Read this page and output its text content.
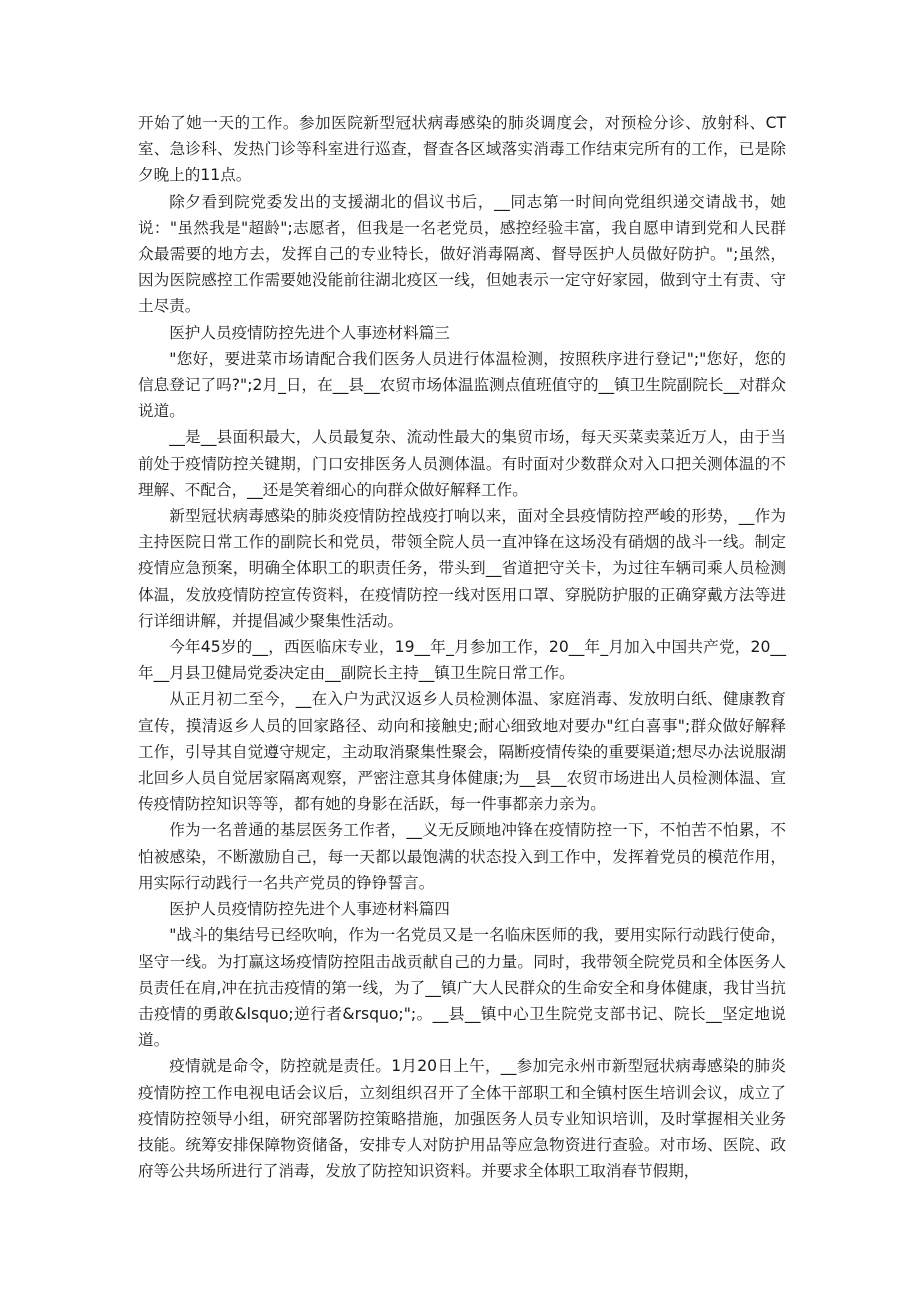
开始了她一天的工作。参加医院新型冠状病毒感染的肺炎调度会，对预检分诊、放射科、CT室、急诊科、发热门诊等科室进行巡查，督查各区域落实消毒工作结束完所有的工作，已是除夕晚上的11点。

除夕看到院党委发出的支援湖北的倡议书后，__同志第一时间向党组织递交请战书，她说："虽然我是"超龄";志愿者，但我是一名老党员，感控经验丰富，我自愿申请到党和人民群众最需要的地方去，发挥自己的专业特长，做好消毒隔离、督导医护人员做好防护。";虽然，因为医院感控工作需要她没能前往湖北疫区一线，但她表示一定守好家园，做到守土有责、守土尽责。

医护人员疫情防控先进个人事迹材料篇三

"您好，要进菜市场请配合我们医务人员进行体温检测，按照秩序进行登记";"您好，您的信息登记了吗?";2月_日，在__县__农贸市场体温监测点值班值守的__镇卫生院副院长__对群众说道。

__是__县面积最大，人员最复杂、流动性最大的集贸市场，每天买菜卖菜近万人，由于当前处于疫情防控关键期，门口安排医务人员测体温。有时面对少数群众对入口把关测体温的不理解、不配合，__还是笑着细心的向群众做好解释工作。

新型冠状病毒感染的肺炎疫情防控战疫打响以来，面对全县疫情防控严峻的形势，__作为主持医院日常工作的副院长和党员，带领全院人员一直冲锋在这场没有硝烟的战斗一线。制定疫情应急预案，明确全体职工的职责任务，带头到__省道把守关卡，为过往车辆司乘人员检测体温，发放疫情防控宣传资料，在疫情防控一线对医用口罩、穿脱防护服的正确穿戴方法等进行详细讲解，并提倡减少聚集性活动。

今年45岁的__，西医临床专业，19__年_月参加工作，20__年_月加入中国共产党，20__年__月县卫健局党委决定由__副院长主持__镇卫生院日常工作。

从正月初二至今，__在入户为武汉返乡人员检测体温、家庭消毒、发放明白纸、健康教育宣传，摸清返乡人员的回家路径、动向和接触史;耐心细致地对要办"红白喜事";群众做好解释工作，引导其自觉遵守规定，主动取消聚集性聚会，隔断疫情传染的重要渠道;想尽办法说服湖北回乡人员自觉居家隔离观察，严密注意其身体健康;为__县__农贸市场进出人员检测体温、宣传疫情防控知识等等，都有她的身影在活跃，每一件事都亲力亲为。

作为一名普通的基层医务工作者，__义无反顾地冲锋在疫情防控一下，不怕苦不怕累，不怕被感染，不断激励自己，每一天都以最饱满的状态投入到工作中，发挥着党员的模范作用，用实际行动践行一名共产党员的铮铮誓言。

医护人员疫情防控先进个人事迹材料篇四

"战斗的集结号已经吹响，作为一名党员又是一名临床医师的我，要用实际行动践行使命，坚守一线。为打赢这场疫情防控阻击战贡献自己的力量。同时，我带领全院党员和全体医务人员责任在肩,冲在抗击疫情的第一线，为了__镇广大人民群众的生命安全和身体健康，我甘当抗击疫情的勇敢&lsquo;逆行者&rsquo;";。__县__镇中心卫生院党支部书记、院长__坚定地说道。

疫情就是命令，防控就是责任。1月20日上午，__参加完永州市新型冠状病毒感染的肺炎疫情防控工作电视电话会议后，立刻组织召开了全体干部职工和全镇村医生培训会议，成立了疫情防控领导小组，研究部署防控策略措施，加强医务人员专业知识培训，及时掌握相关业务技能。统筹安排保障物资储备，安排专人对防护用品等应急物资进行查验。对市场、医院、政府等公共场所进行了消毒，发放了防控知识资料。并要求全体职工取消春节假期，
